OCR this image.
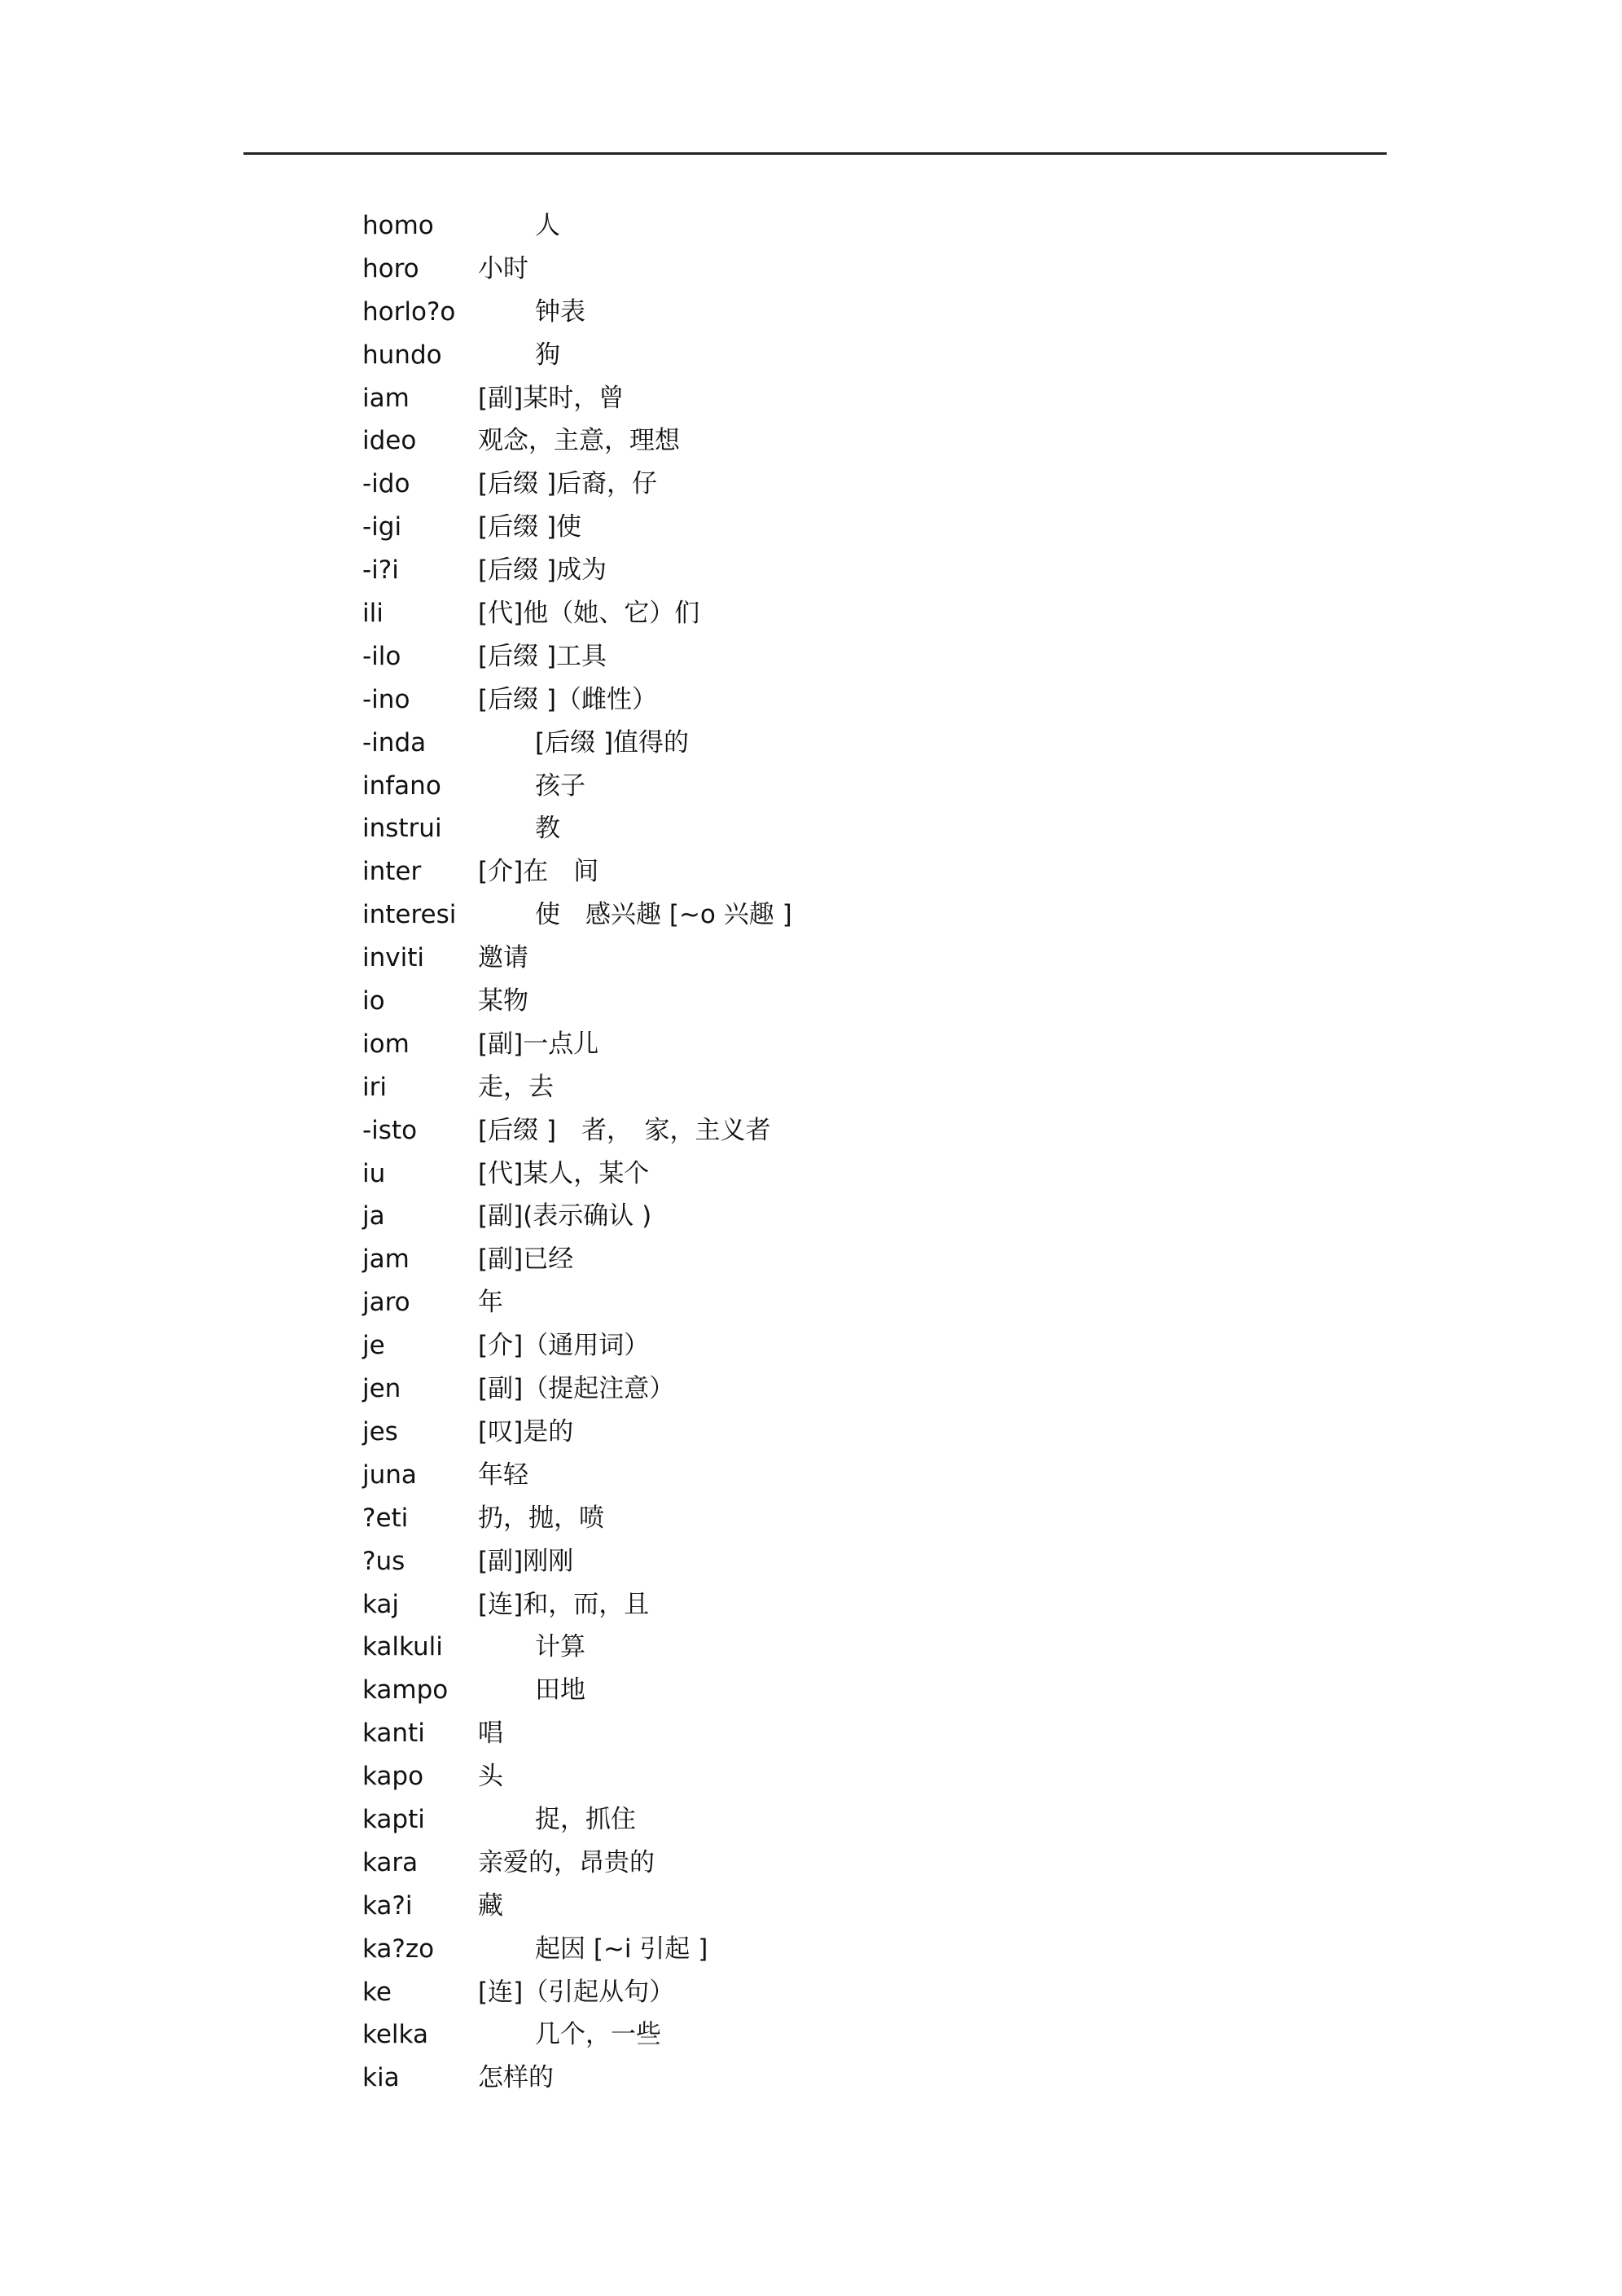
homo	人
horo 小时
horlo?o	钟表
hundo	狗
iam	[副]某时，曾
ideo 观念，主意，理想
-ido	[后缀 ]后裔，仔
-igi	[后缀 ]使
-i?i	[后缀 ]成为
ili	[代]他（她、它）们
-ilo	[后缀 ]工具
-ino	[后缀 ]（雌性）
-inda	[后缀 ]值得的
infano	孩子
instrui	教
inter [介]在　间
interesi	使　感兴趣 [~o 兴趣 ]
inviti 邀请
io	某物
iom	[副]一点儿
iri	走，去
-isto [后缀 ]　者，　家，主义者
iu	[代]某人，某个
ja	[副](表示确认 )
jam	[副]已经
jaro	年
je	[介]（通用词）
jen	[副]（提起注意）
jes	[叹]是的
juna 年轻
?eti	扔，抛，喷
?us	[副]刚刚
kaj	[连]和，而，且
kalkuli	计算
kampo	田地
kanti 唱
kapo 头
kapti	捉，抓住
kara 亲爱的，昂贵的
ka?i	藏
ka?zo	起因 [~i 引起 ]
ke	[连]（引起从句）
kelka	几个，一些
kia	怎样的
